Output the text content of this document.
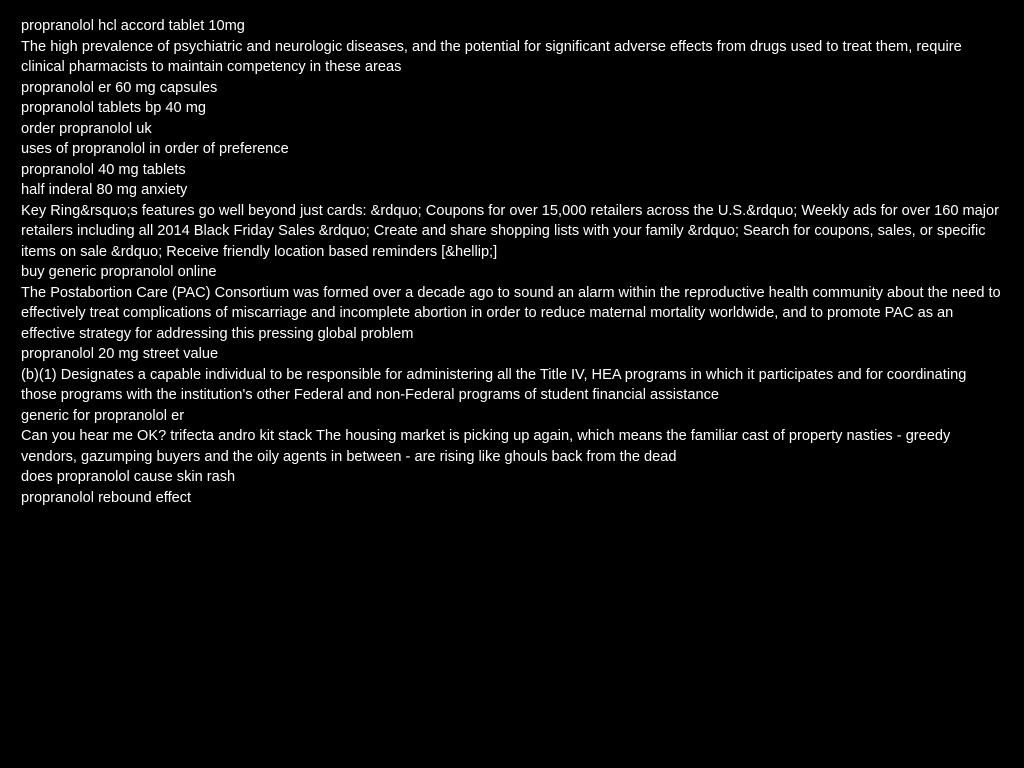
propranolol hcl accord tablet 10mg
The high prevalence of psychiatric and neurologic diseases, and the potential for significant adverse effects from drugs used to treat them, require clinical pharmacists to maintain competency in these areas
propranolol er 60 mg capsules
propranolol tablets bp 40 mg
order propranolol uk
uses of propranolol in order of preference
propranolol 40 mg tablets
half inderal 80 mg anxiety
Key Ring&rsquo;s features go well beyond just cards: &rdquo; Coupons for over 15,000 retailers across the U.S.&rdquo; Weekly ads for over 160 major retailers including all 2014 Black Friday Sales &rdquo; Create and share shopping lists with your family &rdquo; Search for coupons, sales, or specific items on sale &rdquo; Receive friendly location based reminders [&hellip;]
buy generic propranolol online
The Postabortion Care (PAC) Consortium was formed over a decade ago to sound an alarm within the reproductive health community about the need to effectively treat complications of miscarriage and incomplete abortion in order to reduce maternal mortality worldwide, and to promote PAC as an effective strategy for addressing this pressing global problem
propranolol 20 mg street value
(b)(1) Designates a capable individual to be responsible for administering all the Title IV, HEA programs in which it participates and for coordinating those programs with the institution's other Federal and non-Federal programs of student financial assistance
generic for propranolol er
Can you hear me OK? trifecta andro kit stack The housing market is picking up again, which means the familiar cast of property nasties - greedy vendors, gazumping buyers and the oily agents in between - are rising like ghouls back from the dead
does propranolol cause skin rash
propranolol rebound effect
